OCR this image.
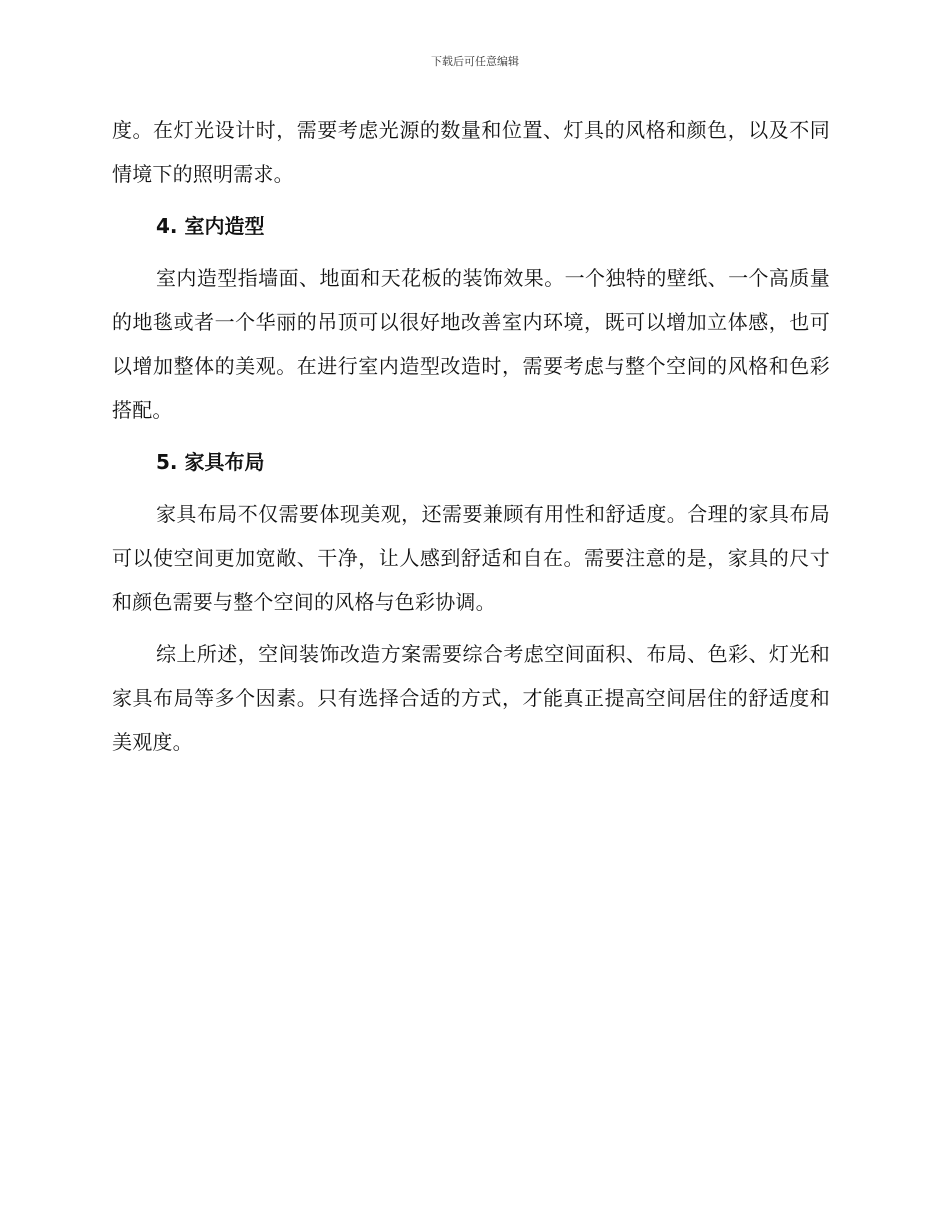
下载后可任意编辑

度。在灯光设计时，需要考虑光源的数量和位置、灯具的风格和颜色，以及不同情境下的照明需求。

4. 室内造型

室内造型指墙面、地面和天花板的装饰效果。一个独特的壁纸、一个高质量的地毯或者一个华丽的吊顶可以很好地改善室内环境，既可以增加立体感，也可以增加整体的美观。在进行室内造型改造时，需要考虑与整个空间的风格和色彩搭配。

5. 家具布局

家具布局不仅需要体现美观，还需要兼顾有用性和舒适度。合理的家具布局可以使空间更加宽敞、干净，让人感到舒适和自在。需要注意的是，家具的尺寸和颜色需要与整个空间的风格与色彩协调。

综上所述，空间装饰改造方案需要综合考虑空间面积、布局、色彩、灯光和家具布局等多个因素。只有选择合适的方式，才能真正提高空间居住的舒适度和美观度。
